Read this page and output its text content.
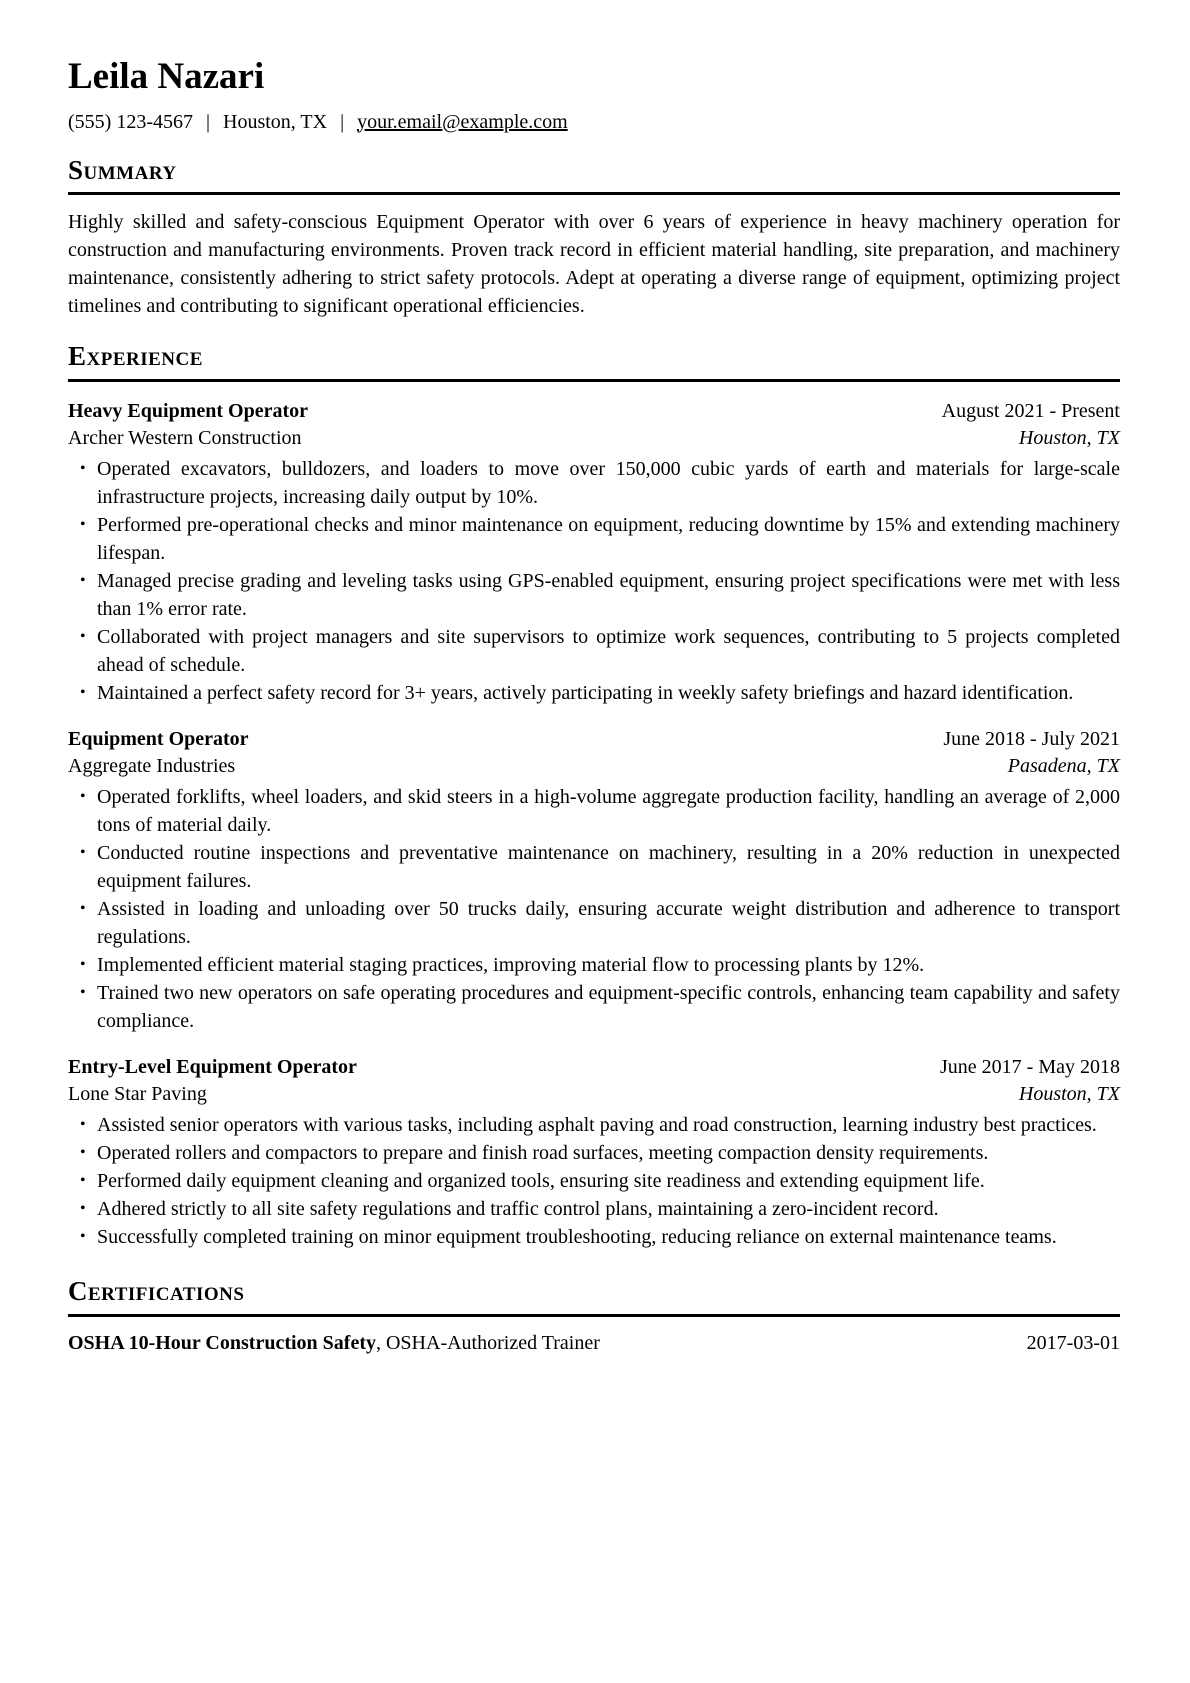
Leila Nazari
(555) 123-4567 | Houston, TX | your.email@example.com
Summary

Highly skilled and safety-conscious Equipment Operator with over 6 years of experience in heavy machinery operation for construction and manufacturing environments. Proven track record in efficient material handling, site preparation, and machinery maintenance, consistently adhering to strict safety protocols. Adept at operating a diverse range of equipment, optimizing project timelines and contributing to significant operational efficiencies.

Experience
Heavy Equipment Operator	August 2021 - Present
Archer Western Construction	Houston, TX
• Operated excavators, bulldozers, and loaders to move over 150,000 cubic yards of earth and materials for large-scale infrastructure projects, increasing daily output by 10%.
• Performed pre-operational checks and minor maintenance on equipment, reducing downtime by 15% and extending machinery lifespan.
• Managed precise grading and leveling tasks using GPS-enabled equipment, ensuring project specifications were met with less than 1% error rate.
• Collaborated with project managers and site supervisors to optimize work sequences, contributing to 5 projects completed ahead of schedule.
• Maintained a perfect safety record for 3+ years, actively participating in weekly safety briefings and hazard identification.
Equipment Operator	June 2018 - July 2021
Aggregate Industries	Pasadena, TX
• Operated forklifts, wheel loaders, and skid steers in a high-volume aggregate production facility, handling an average of 2,000 tons of material daily.
• Conducted routine inspections and preventative maintenance on machinery, resulting in a 20% reduction in unexpected equipment failures.
• Assisted in loading and unloading over 50 trucks daily, ensuring accurate weight distribution and adherence to transport regulations.
• Implemented efficient material staging practices, improving material flow to processing plants by 12%.
• Trained two new operators on safe operating procedures and equipment-specific controls, enhancing team capability and safety compliance.
Entry-Level Equipment Operator	June 2017 - May 2018
Lone Star Paving	Houston, TX
• Assisted senior operators with various tasks, including asphalt paving and road construction, learning industry best practices.
• Operated rollers and compactors to prepare and finish road surfaces, meeting compaction density requirements.
• Performed daily equipment cleaning and organized tools, ensuring site readiness and extending equipment life.
• Adhered strictly to all site safety regulations and traffic control plans, maintaining a zero-incident record.
• Successfully completed training on minor equipment troubleshooting, reducing reliance on external maintenance teams.
Certifications
OSHA 10-Hour Construction Safety, OSHA-Authorized Trainer	2017-03-01
